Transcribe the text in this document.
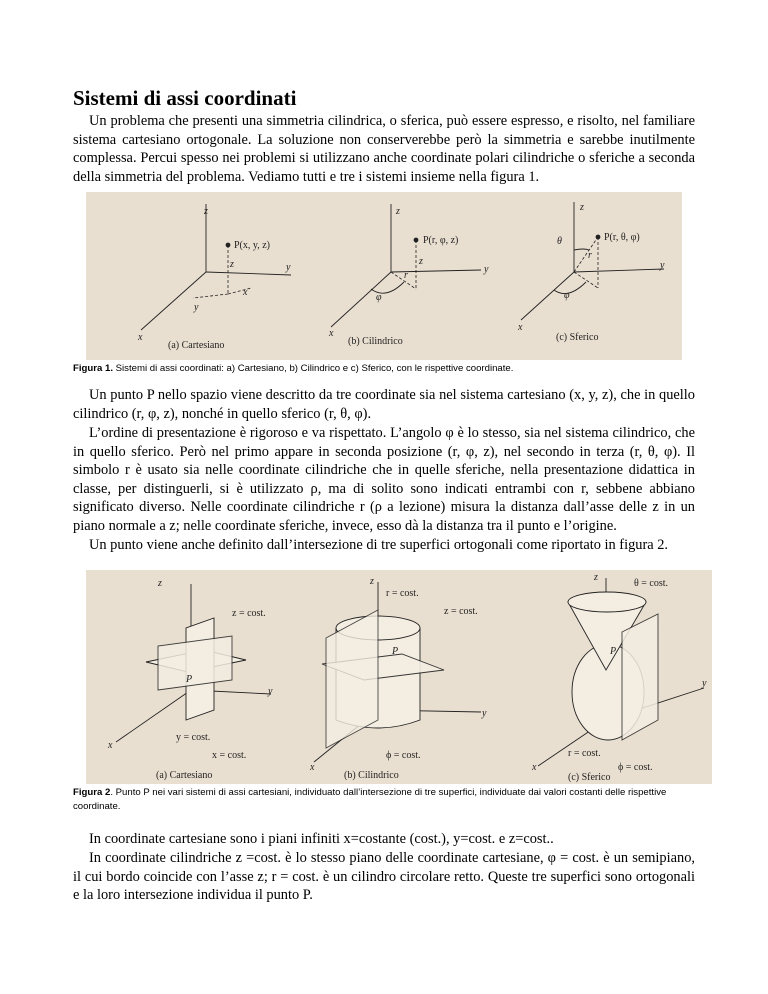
Sistemi di assi coordinati

Un problema che presenti una simmetria cilindrica, o sferica, può essere espresso, e risolto, nel familiare sistema cartesiano ortogonale. La soluzione non conserverebbe però la simmetria e sarebbe inutilmente complessa. Percui spesso nei problemi si utilizzano anche coordinate polari cilindriche o sferiche a seconda della simmetria del problema. Vediamo tutti e tre i sistemi insieme nella figura 1.

z
y
x
P(x, y, z)
z
x
y
(a) Cartesiano
z
y
x
P(r, φ, z)
z
r
φ
(b) Cilindrico
z
y
x
P(r, θ, φ)
θ
r
φ
(c) Sferico

Figura 1. Sistemi di assi coordinati: a) Cartesiano, b) Cilindrico e c) Sferico, con le rispettive coordinate.

Un punto P nello spazio viene descritto da tre coordinate sia nel sistema cartesiano (x, y, z), che in quello cilindrico (r, φ, z), nonché in quello sferico (r, θ, φ).

L’ordine di presentazione è rigoroso e va rispettato. L’angolo φ è lo stesso, sia nel sistema cilindrico, che in quello sferico. Però nel primo appare in seconda posizione (r, φ, z), nel secondo in terza (r, θ, φ). Il simbolo r è usato sia nelle coordinate cilindriche che in quelle sferiche, nella presentazione didattica in classe, per distinguerli, si è utilizzato ρ, ma di solito sono indicati entrambi con r, sebbene abbiano significato diverso. Nelle coordinate cilindriche r (ρ a lezione) misura la distanza dall’asse delle z in un piano normale a z; nelle coordinate sferiche, invece, esso dà la distanza tra il punto e l’origine.

Un punto viene anche definito dall’intersezione di tre superfici ortogonali come riportato in figura 2.

z
y
x
P
z = cost.
x = cost.
y = cost.
(a) Cartesiano
z
y
x
P
r = cost.
z = cost.
ϕ = cost.
(b) Cilindrico
z
y
x
P
θ = cost.
r = cost.
ϕ = cost.
(c) Sferico

Figura 2. Punto P nei vari sistemi di assi cartesiani, individuato dall’intersezione di tre superfici, individuate dai valori costanti delle rispettive coordinate.

In coordinate cartesiane sono i piani infiniti x=costante (cost.), y=cost. e z=cost..

In coordinate cilindriche z =cost. è lo stesso piano delle coordinate cartesiane, φ = cost. è un semipiano, il cui bordo coincide con l’asse z; r = cost. è un cilindro circolare retto. Queste tre superfici sono ortogonali e la loro intersezione individua il punto P.
